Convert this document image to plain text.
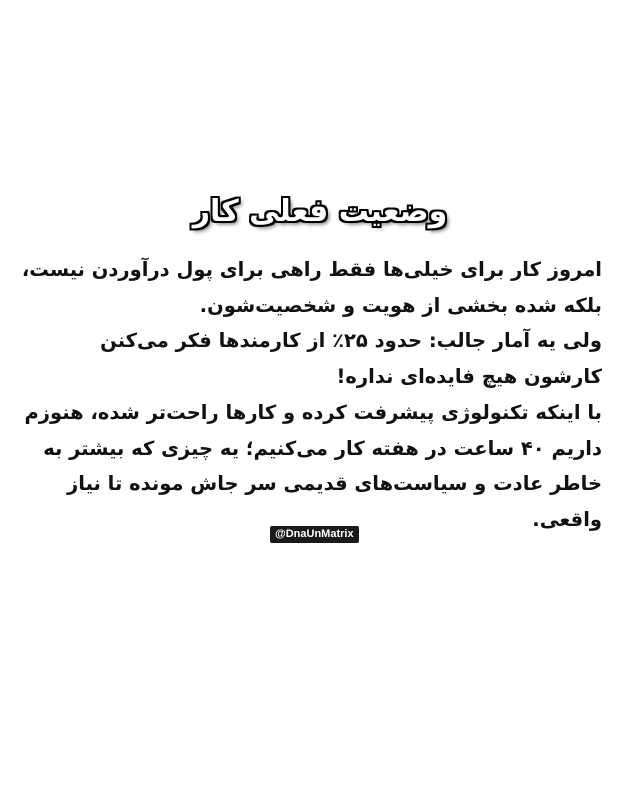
وضعیت فعلی کار
امروز کار برای خیلی‌ها فقط راهی برای پول درآوردن نیست،
بلکه شده بخشی از هویت و شخصیت‌شون.
ولی یه آمار جالب: حدود ۲۵٪ از کارمندها فکر می‌کنن
کارشون هیچ فایده‌ای نداره!
با اینکه تکنولوژی پیشرفت کرده و کارها راحت‌تر شده، هنوزم
داریم ۴۰ ساعت در هفته کار می‌کنیم؛ یه چیزی که بیشتر به
خاطر عادت و سیاست‌های قدیمی سر جاش مونده تا نیاز
واقعی.
@DnaUnMatrix
